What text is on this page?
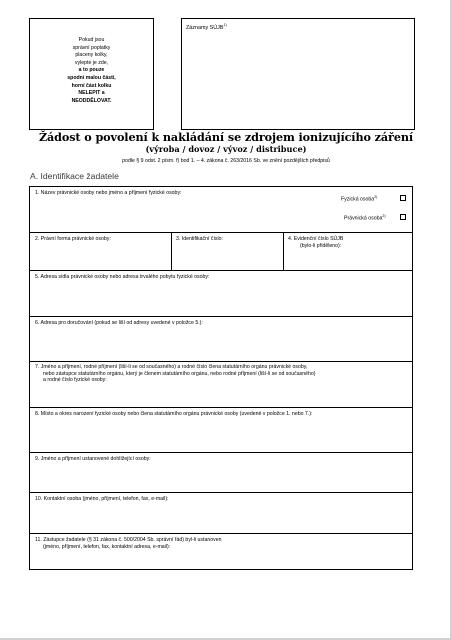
Pokud jsou
správní poplatky
placeny kolky,
vylepte je zde,
a to pouze
spodní malou částí,
horní část kolku
NELEPIT a
NEODDĚLOVAT.
Záznamy SÚJB$^{1)}$
Žádost o povolení k nakládání se zdrojem ionizujícího záření
(výroba / dovoz / vývoz / distribuce)
podle § 9 odst. 2 písm. f) bod 1. – 4. zákona č. 263/2016 Sb. ve znění pozdějších předpisů
A. Identifikace žadatele
1. Název právnické osoby nebo jméno a příjmení fyzické osoby:
Fyzická osoba$^{2)}$
Právnická osoba$^{2)}$
2. Právní forma právnické osoby:	3. Identifikační číslo:	4. Evidenční číslo SÚJB
(bylo-li přiděleno):
5. Adresa sídla právnické osoby nebo adresa trvalého pobytu fyzické osoby:
6. Adresa pro doručování (pokud se liší od adresy uvedené v položce 5.):
7. Jméno a příjmení, rodné příjmení (liší-li se od současného) a rodné číslo člena statutárního orgánu právnické osoby,
nebo zástupce statutárního orgánu, který je členem statutárního orgánu, nebo rodné příjmení (liší-li se od současného)
a rodné číslo fyzické osoby:
8. Místo a okres narození fyzické osoby nebo člena statutárního orgánu právnické osoby (uvedené v položce 1. nebo 7.):
9. Jméno a příjmení ustanovené dohlížející osoby:
10. Kontaktní osoba (jméno, příjmení, telefon, fax, e-mail):
11. Zástupce žadatele (§ 31 zákona č. 500/2004 Sb. správní řád) byl-li ustanoven
(jméno, příjmení, telefon, fax, kontaktní adresa, e-mail):
